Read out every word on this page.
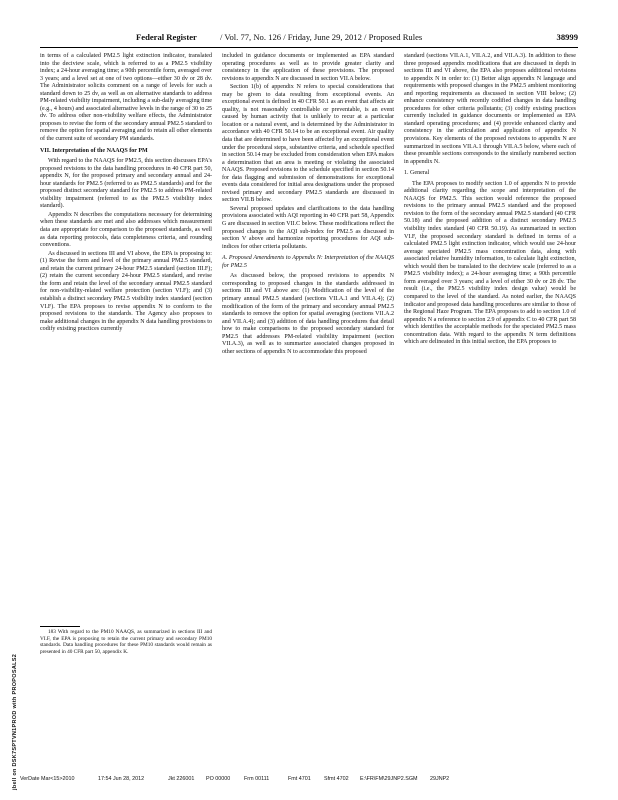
Federal Register	/ Vol. 77, No. 126 / Friday, June 29, 2012 / Proposed Rules	38999

in terms of a calculated PM2.5 light extinction indicator, translated into the deciview scale, which is referred to as a PM2.5 visibility index; a 24-hour averaging time; a 90th percentile form, averaged over 3 years; and a level set at one of two options—either 30 dv or 28 dv. The Administrator solicits comment on a range of levels for such a standard down to 25 dv, as well as on alternative standards to address PM-related visibility impairment, including a sub-daily averaging time (e.g., 4 hours) and associated alternative levels in the range of 30 to 25 dv. To address other non-visibility welfare effects, the Administrator proposes to revise the form of the secondary annual PM2.5 standard to remove the option for spatial averaging and to retain all other elements of the current suite of secondary PM standards.

VII. Interpretation of the NAAQS for PM

With regard to the NAAQS for PM2.5, this section discusses EPA's proposed revisions to the data handling procedures in 40 CFR part 50, appendix N, for the proposed primary and secondary annual and 24-hour standards for PM2.5 (referred to as PM2.5 standards) and for the proposed distinct secondary standard for PM2.5 to address PM-related visibility impairment (referred to as the PM2.5 visibility index standard).

Appendix N describes the computations necessary for determining when these standards are met and also addresses which measurement data are appropriate for comparison to the proposed standards, as well as data reporting protocols, data completeness criteria, and rounding conventions.

As discussed in sections III and VI above, the EPA is proposing to: (1) Revise the form and level of the primary annual PM2.5 standard, and retain the current primary 24-hour PM2.5 standard (section III.F); (2) retain the current secondary 24-hour PM2.5 standard, and revise the form and retain the level of the secondary annual PM2.5 standard for non-visibility-related welfare protection (section VI.F); and (3) establish a distinct secondary PM2.5 visibility index standard (section VI.F). The EPA proposes to revise appendix N to conform to the proposed revisions to the standards. The Agency also proposes to make additional changes in the appendix N data handling provisions to codify existing practices currently

183 With regard to the PM10 NAAQS, as summarized in sections III and VI.F, the EPA is proposing to retain the current primary and secondary PM10 standards. Data handling procedures for these PM10 standards would remain as presented in 40 CFR part 50, appendix K.

included in guidance documents or implemented as EPA standard operating procedures as well as to provide greater clarity and consistency in the application of these provisions. The proposed revisions to appendix N are discussed in section VII.A below.

Section 1(b) of appendix N refers to special considerations that may be given to data resulting from exceptional events. An exceptional event is defined in 40 CFR 50.1 as an event that affects air quality, is not reasonably controllable or preventable, is an event caused by human activity that is unlikely to recur at a particular location or a natural event, and is determined by the Administrator in accordance with 40 CFR 50.14 to be an exceptional event. Air quality data that are determined to have been affected by an exceptional event under the procedural steps, substantive criteria, and schedule specified in section 50.14 may be excluded from consideration when EPA makes a determination that an area is meeting or violating the associated NAAQS. Proposed revisions to the schedule specified in section 50.14 for data flagging and submission of demonstrations for exceptional events data considered for initial area designations under the proposed revised primary and secondary PM2.5 standards are discussed in section VII.B below.

Several proposed updates and clarifications to the data handling provisions associated with AQI reporting in 40 CFR part 58, Appendix G are discussed in section VII.C below. These modifications reflect the proposed changes to the AQI sub-index for PM2.5 as discussed in section V above and harmonize reporting procedures for AQI sub-indices for other criteria pollutants.

A. Proposed Amendments to Appendix N: Interpretation of the NAAQS for PM2.5

As discussed below, the proposed revisions to appendix N corresponding to proposed changes in the standards addressed in sections III and VI above are: (1) Modification of the level of the primary annual PM2.5 standard (sections VII.A.1 and VII.A.4); (2) modification of the form of the primary and secondary annual PM2.5 standards to remove the option for spatial averaging (sections VII.A.2 and VII.A.4); and (3) addition of data handling procedures that detail how to make comparisons to the proposed secondary standard for PM2.5 that addresses PM-related visibility impairment (section VII.A.3), as well as to summarize associated changes proposed in other sections of appendix N to accommodate this proposed

standard (sections VII.A.1, VII.A.2, and VII.A.3). In addition to these three proposed appendix modifications that are discussed in depth in sections III and VI above, the EPA also proposes additional revisions to appendix N in order to: (1) Better align appendix N language and requirements with proposed changes in the PM2.5 ambient monitoring and reporting requirements as discussed in section VIII below; (2) enhance consistency with recently codified changes in data handling procedures for other criteria pollutants; (3) codify existing practices currently included in guidance documents or implemented as EPA standard operating procedures; and (4) provide enhanced clarity and consistency in the articulation and application of appendix N provisions. Key elements of the proposed revisions to appendix N are summarized in sections VII.A.1 through VII.A.5 below, where each of these preamble sections corresponds to the similarly numbered section in appendix N.

1. General

The EPA proposes to modify section 1.0 of appendix N to provide additional clarity regarding the scope and interpretation of the NAAQS for PM2.5. This section would reference the proposed revisions to the primary annual PM2.5 standard and the proposed revision to the form of the secondary annual PM2.5 standard (40 CFR 50.18) and the proposed addition of a distinct secondary PM2.5 visibility index standard (40 CFR 50.19). As summarized in section VI.F, the proposed secondary standard is defined in terms of a calculated PM2.5 light extinction indicator, which would use 24-hour average speciated PM2.5 mass concentration data, along with associated relative humidity information, to calculate light extinction, which would then be translated to the deciview scale (referred to as a PM2.5 visibility index); a 24-hour averaging time; a 90th percentile form averaged over 3 years; and a level of either 30 dv or 28 dv. The result (i.e., the PM2.5 visibility index design value) would be compared to the level of the standard. As noted earlier, the NAAQS indicator and proposed data handling procedures are similar to those of the Regional Haze Program. The EPA proposes to add to section 1.0 of appendix N a reference to section 2.9 of appendix C to 40 CFR part 58 which identifies the acceptable methods for the speciated PM2.5 mass concentration data. With regard to the appendix N term definitions which are delineated in this initial section, the EPA proposes to

jbell on DSK7SPTVN1PROD with PROPOSALS2 VerDate Mar<15>2010	17:54 Jun 28, 2012	Jkt 226001 PO 00000	Frm 00111	Fmt 4701 Sfmt 4702 E:\FR\FM\29JNP2.SGM 29JNP2
